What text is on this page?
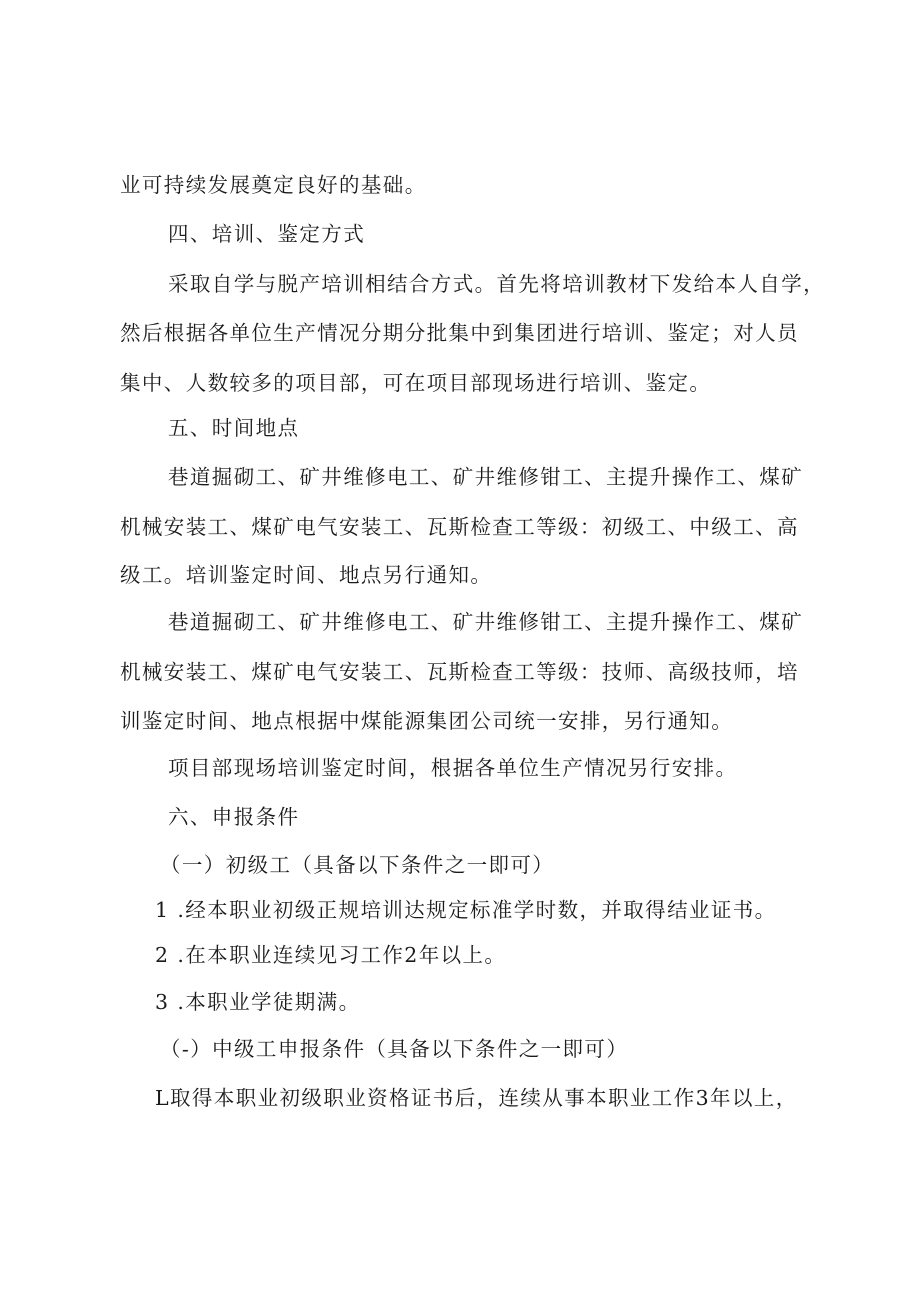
业可持续发展奠定良好的基础。
四、培训、鉴定方式
采取自学与脱产培训相结合方式。首先将培训教材下发给本人自学，
然后根据各单位生产情况分期分批集中到集团进行培训、鉴定；对人员
集中、人数较多的项目部，可在项目部现场进行培训、鉴定。
五、时间地点
巷道掘砌工、矿井维修电工、矿井维修钳工、主提升操作工、煤矿
机械安装工、煤矿电气安装工、瓦斯检查工等级：初级工、中级工、高
级工。培训鉴定时间、地点另行通知。
巷道掘砌工、矿井维修电工、矿井维修钳工、主提升操作工、煤矿
机械安装工、煤矿电气安装工、瓦斯检查工等级：技师、高级技师，培
训鉴定时间、地点根据中煤能源集团公司统一安排，另行通知。
项目部现场培训鉴定时间，根据各单位生产情况另行安排。
六、申报条件
（一）初级工（具备以下条件之一即可）
1 .经本职业初级正规培训达规定标准学时数，并取得结业证书。
2 .在本职业连续见习工作2年以上。
3 .本职业学徒期满。
（-）中级工申报条件（具备以下条件之一即可）
L取得本职业初级职业资格证书后，连续从事本职业工作3年以上，
